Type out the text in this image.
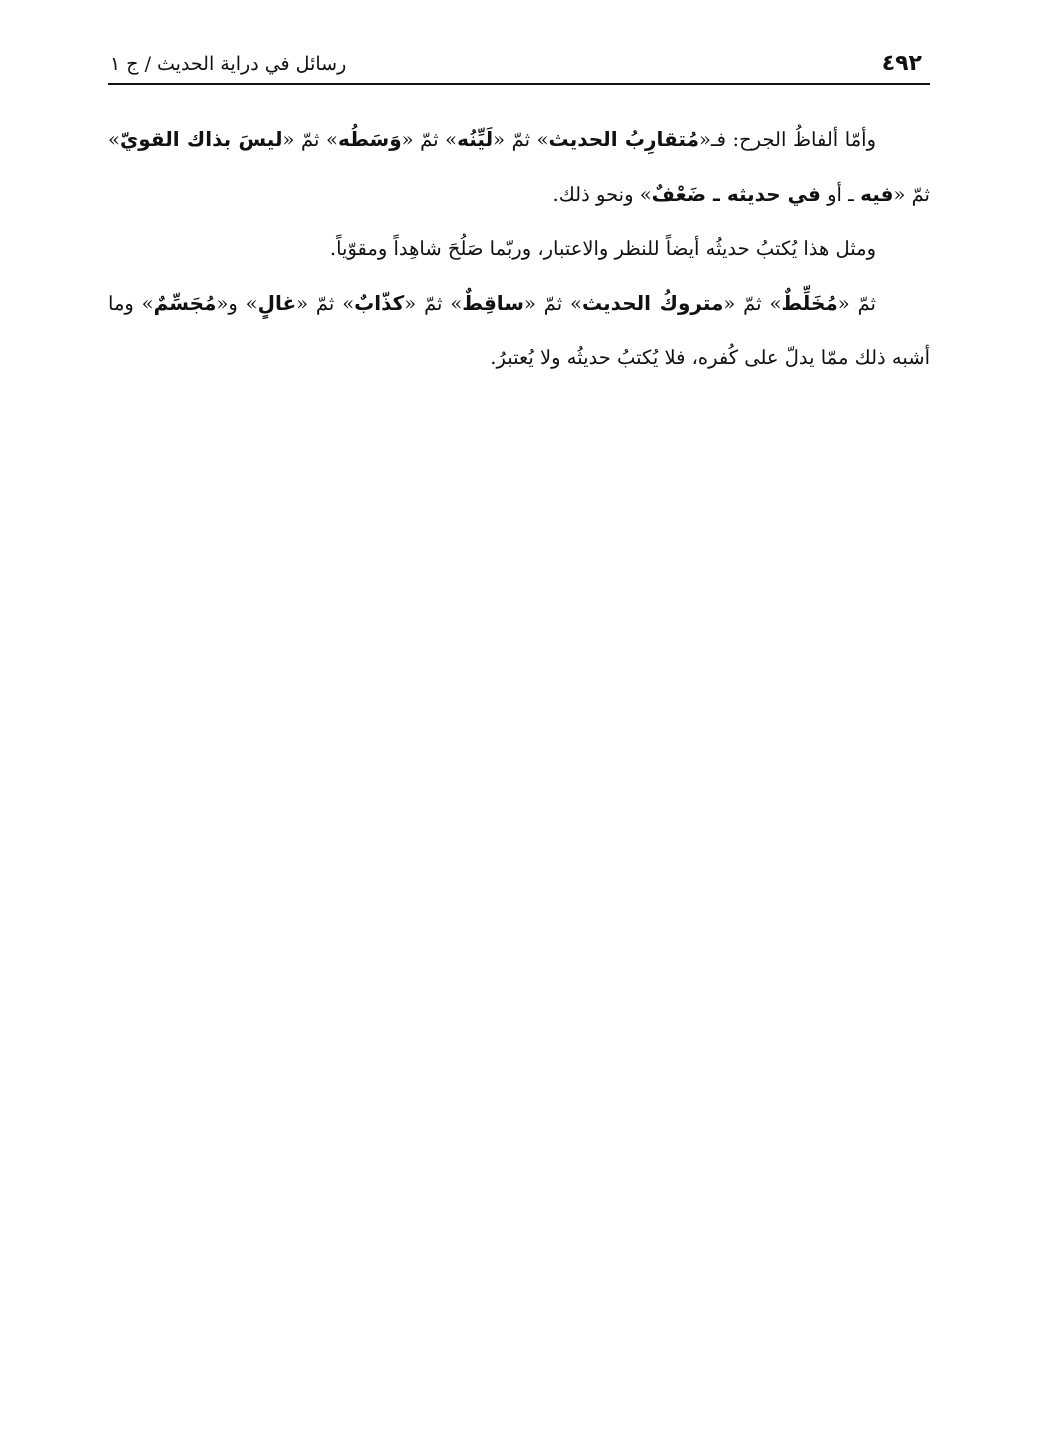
٤٩٢
رسائل في دراية الحديث / ج ١

وأمّا ألفاظُ الجرح: فـ«مُتقارِبُ الحديث» ثمّ «لَيِّنُه» ثمّ «وَسَطُه» ثمّ «ليسَ بذاك القويّ» ثمّ «فيه ـ أو في حديثه ـ ضَعْفٌ» ونحو ذلك.

ومثل هذا يُكتبُ حديثُه أيضاً للنظر والاعتبار، وربّما صَلُحَ شاهِداً ومقوّياً.

ثمّ «مُخَلِّطٌ» ثمّ «متروكُ الحديث» ثمّ «ساقِطٌ» ثمّ «كذّابٌ» ثمّ «غالٍ» و«مُجَسِّمٌ» وما أشبه ذلك ممّا يدلّ على كُفره، فلا يُكتبُ حديثُه ولا يُعتبرُ.
